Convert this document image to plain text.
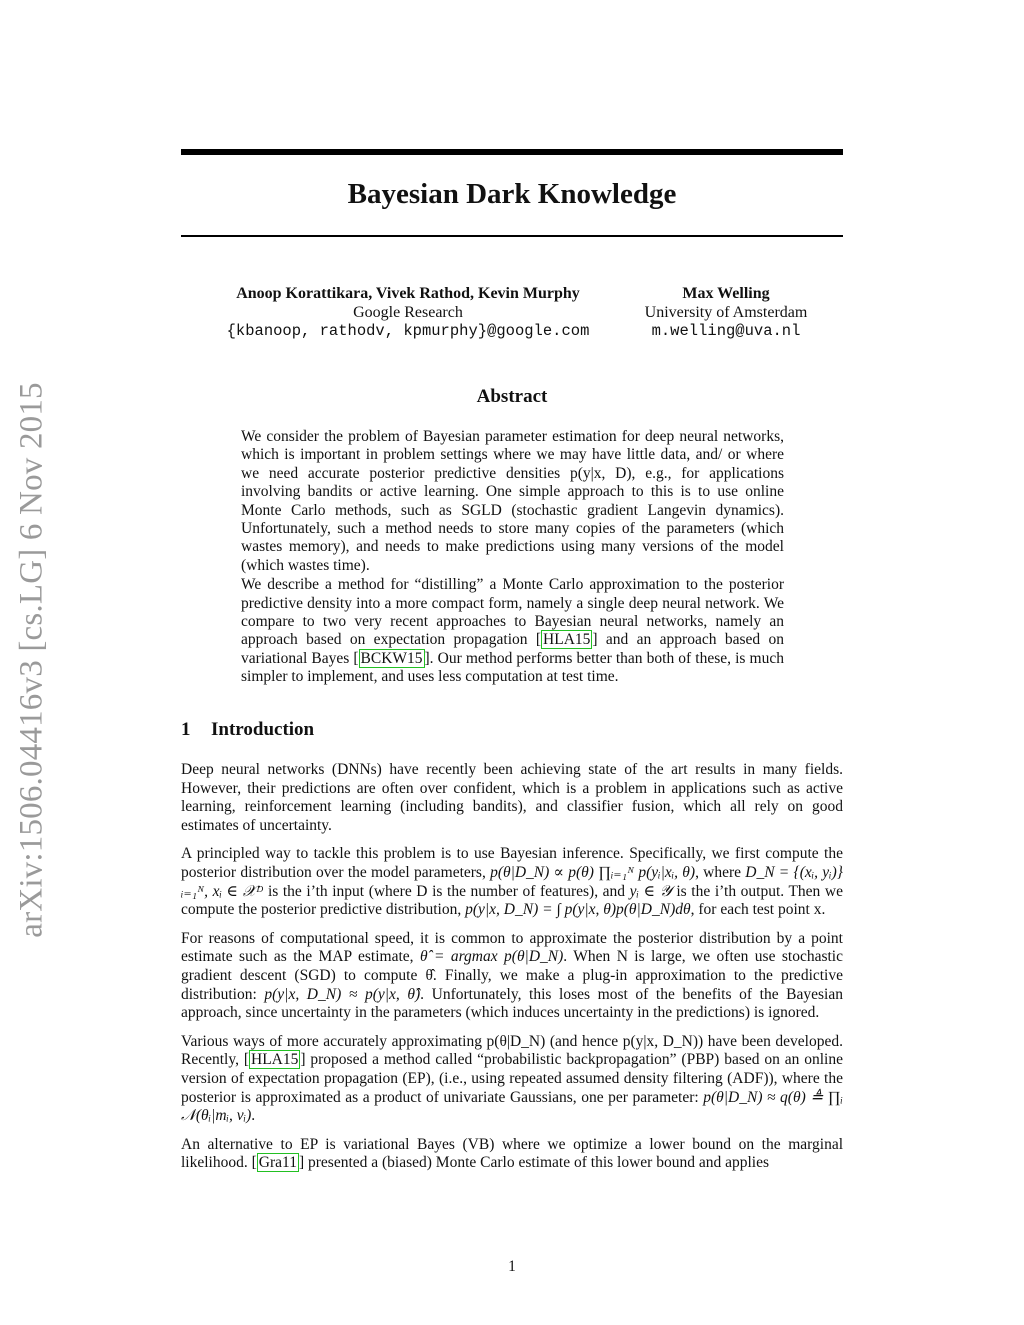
arXiv:1506.04416v3 [cs.LG] 6 Nov 2015
Bayesian Dark Knowledge
Anoop Korattikara, Vivek Rathod, Kevin Murphy
Google Research
{kbanoop, rathodv, kpmurphy}@google.com
Max Welling
University of Amsterdam
m.welling@uva.nl
Abstract

We consider the problem of Bayesian parameter estimation for deep neural networks, which is important in problem settings where we may have little data, and/ or where we need accurate posterior predictive densities p(y|x, D), e.g., for applications involving bandits or active learning. One simple approach to this is to use online Monte Carlo methods, such as SGLD (stochastic gradient Langevin dynamics). Unfortunately, such a method needs to store many copies of the parameters (which wastes memory), and needs to make predictions using many versions of the model (which wastes time).

We describe a method for “distilling” a Monte Carlo approximation to the posterior predictive density into a more compact form, namely a single deep neural network. We compare to two very recent approaches to Bayesian neural networks, namely an approach based on expectation propagation [ HLA15 ] and an approach based on variational Bayes [ BCKW15 ]. Our method performs better than both of these, is much simpler to implement, and uses less computation at test time.

1 Introduction

Deep neural networks (DNNs) have recently been achieving state of the art results in many fields. However, their predictions are often over confident, which is a problem in applications such as active learning, reinforcement learning (including bandits), and classifier fusion, which all rely on good estimates of uncertainty.

A principled way to tackle this problem is to use Bayesian inference. Specifically, we first compute the posterior distribution over the model parameters, p(θ|D_N) ∝ p(θ) ∏ᵢ₌₁ᴺ p(yᵢ|xᵢ, θ), where D_N = {(xᵢ, yᵢ)}ᵢ₌₁ᴺ, xᵢ ∈ 𝒳ᴰ is the i’th input (where D is the number of features), and yᵢ ∈ 𝒴 is the i’th output. Then we compute the posterior predictive distribution, p(y|x, D_N) = ∫ p(y|x, θ)p(θ|D_N)dθ, for each test point x.

For reasons of computational speed, it is common to approximate the posterior distribution by a point estimate such as the MAP estimate, θ̂ = argmax p(θ|D_N). When N is large, we often use stochastic gradient descent (SGD) to compute θ̂. Finally, we make a plug-in approximation to the predictive distribution: p(y|x, D_N) ≈ p(y|x, θ̂). Unfortunately, this loses most of the benefits of the Bayesian approach, since uncertainty in the parameters (which induces uncertainty in the predictions) is ignored.

Various ways of more accurately approximating p(θ|D_N) (and hence p(y|x, D_N)) have been developed. Recently, [ HLA15 ] proposed a method called “probabilistic backpropagation” (PBP) based on an online version of expectation propagation (EP), (i.e., using repeated assumed density filtering (ADF)), where the posterior is approximated as a product of univariate Gaussians, one per parameter: p(θ|D_N) ≈ q(θ) ≜ ∏ᵢ 𝒩(θᵢ|mᵢ, vᵢ).

An alternative to EP is variational Bayes (VB) where we optimize a lower bound on the marginal likelihood. [ Gra11 ] presented a (biased) Monte Carlo estimate of this lower bound and applies

1
